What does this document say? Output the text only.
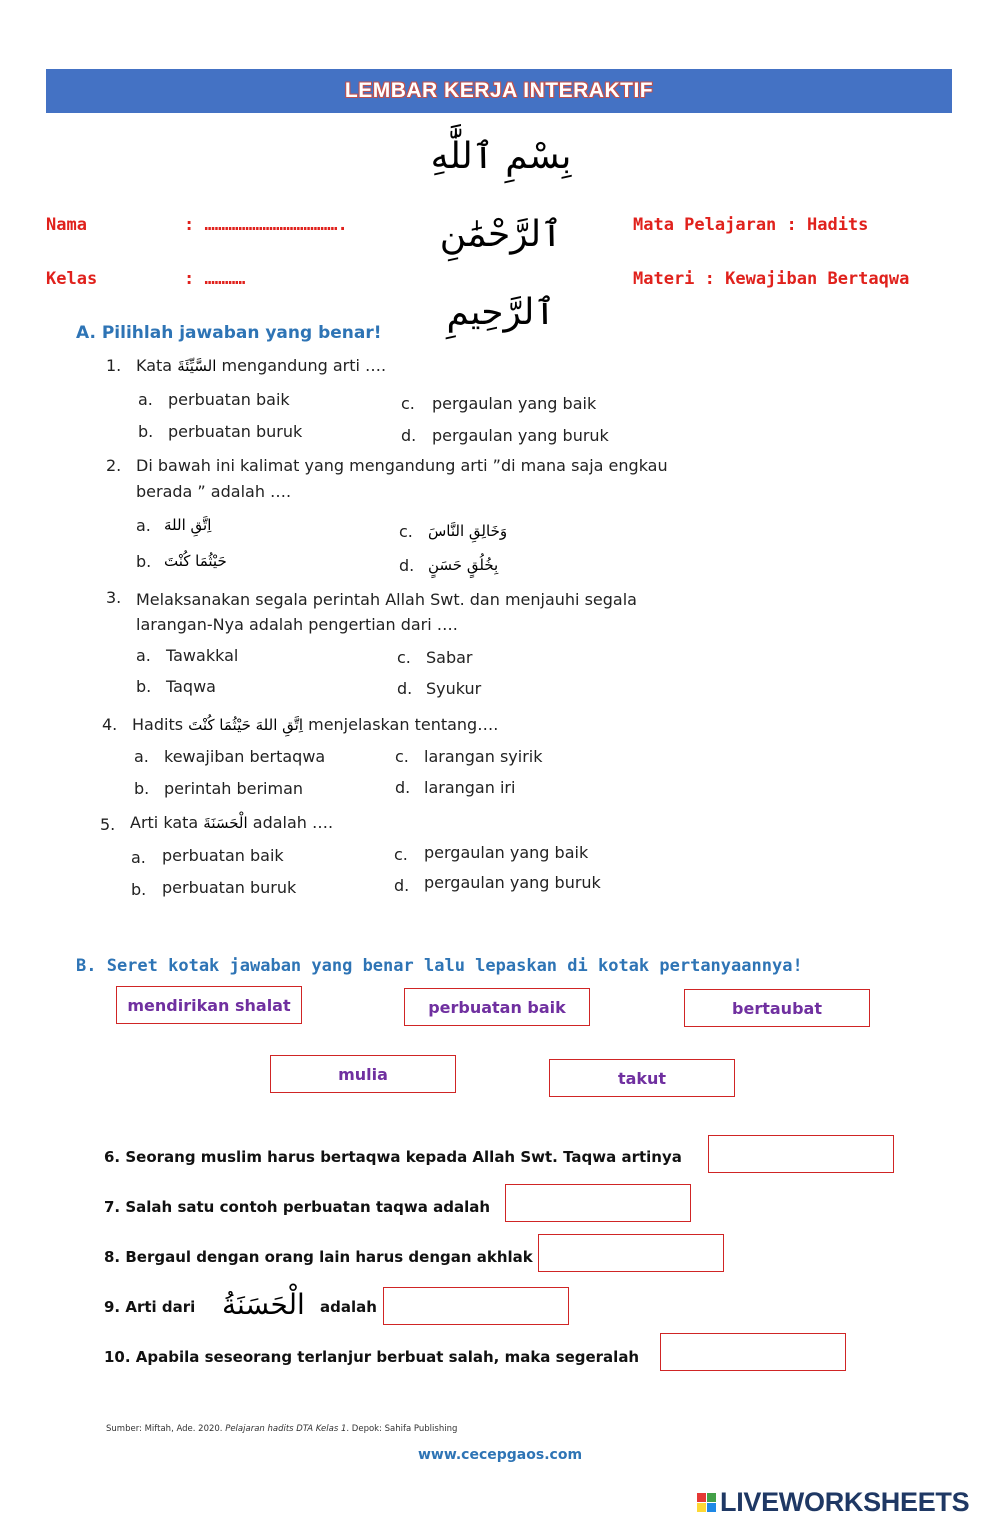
LEMBAR KERJA INTERAKTIF
بِسْمِ ٱللَّٰهِ ٱلرَّحْمَٰنِ ٱلرَّحِيمِ
Nama	: ………………………………….
Kelas	: …………
Mata Pelajaran : Hadits
Materi : Kewajiban Bertaqwa
A. Pilihlah jawaban yang benar!
1. Kata السَّيِّئَةَ mengandung arti ….
a. perbuatan baik
b. perbuatan buruk
c. pergaulan yang baik
d. pergaulan yang buruk
2. Di bawah ini kalimat yang mengandung arti ”di mana saja engkau
berada ” adalah ….
a. اِتَّقِ اللهَ
b. حَيْثُمَا كُنْتَ
c. وَخَالِقِ النَّاسَ
d. بِخُلُقٍ حَسَنٍ
3. Melaksanakan segala perintah Allah Swt. dan menjauhi segala
larangan-Nya adalah pengertian dari ….
a. Tawakkal
b. Taqwa
c. Sabar
d. Syukur
4. Hadits اِتَّقِ اللهَ حَيْثُمَا كُنْتَ menjelaskan tentang….
a. kewajiban bertaqwa
b. perintah beriman
c. larangan syirik
d. larangan iri
5. Arti kata الْحَسَنَةَ adalah ….
a. perbuatan baik
b. perbuatan buruk
c. pergaulan yang baik
d. pergaulan yang buruk
B. Seret kotak jawaban yang benar lalu lepaskan di kotak pertanyaannya!
mendirikan shalat	perbuatan baik	bertaubat
mulia	takut
6. Seorang muslim harus bertaqwa kepada Allah Swt. Taqwa artinya
7. Salah satu contoh perbuatan taqwa adalah
8. Bergaul dengan orang lain harus dengan akhlak
9. Arti dari الْحَسَنَةُ adalah
10. Apabila seseorang terlanjur berbuat salah, maka segeralah
Sumber: Miftah, Ade. 2020. Pelajaran hadits DTA Kelas 1. Depok: Sahifa Publishing
www.cecepgaos.com
LIVEWORKSHEETS
